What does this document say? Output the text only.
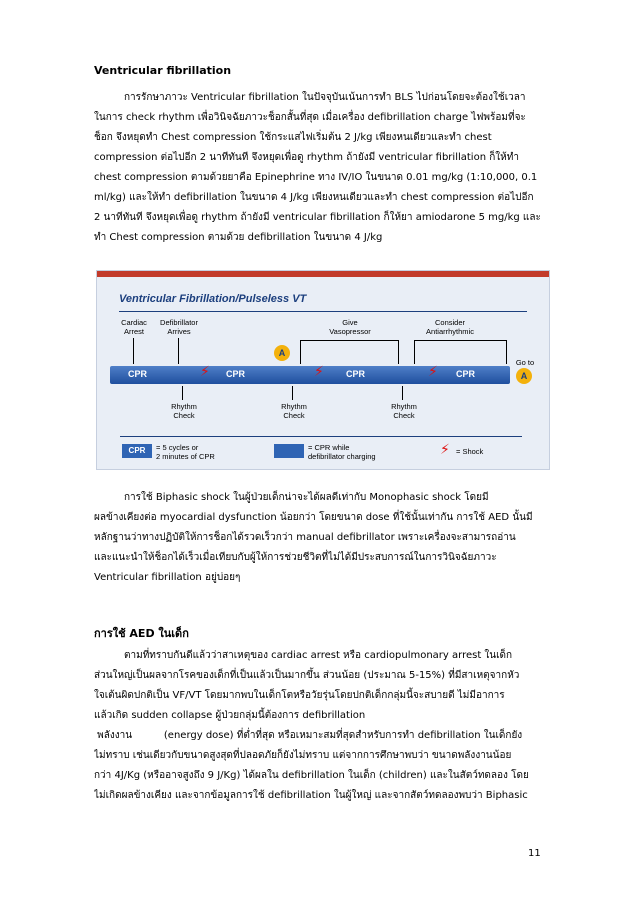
Ventricular fibrillation
การรักษาภาวะ Ventricular fibrillation ในปัจจุบันเน้นการทำ BLS ไปก่อนโดยจะต้องใช้เวลา
ในการ check rhythm เพื่อวินิจฉัยภาวะช็อกสั้นที่สุด เมื่อเครื่อง defibrillation charge ไฟพร้อมที่จะ
ช็อก จึงหยุดทำ Chest compression ใช้กระแสไฟเริ่มต้น 2 J/kg เพียงหนเดียวและทำ chest
compression ต่อไปอีก 2 นาทีทันที จึงหยุดเพื่อดู rhythm ถ้ายังมี ventricular fibrillation ก็ให้ทำ
chest compression ตามด้วยยาคือ Epinephrine ทาง IV/IO ในขนาด 0.01 mg/kg (1:10,000, 0.1
ml/kg) และให้ทำ defibrillation ในขนาด 4 J/kg เพียงหนเดียวและทำ chest compression ต่อไปอีก
2 นาทีทันที จึงหยุดเพื่อดู rhythm ถ้ายังมี ventricular fibrillation ก็ให้ยา amiodarone 5 mg/kg และ
ทำ Chest compression ตามด้วย defibrillation ในขนาด 4 J/kg
Ventricular Fibrillation/Pulseless VT
Cardiac
Arrest
Defibrillator
Arrives
Give
Vasopressor
Consider
Antiarrhythmic
Go to
CPR	CPR	CPR	CPR
⚡	⚡	⚡
A
A
Rhythm
Check
Rhythm
Check
Rhythm
Check
CPR	= 5 cycles or
2 minutes of CPR
= CPR while
defibrillator charging	⚡ = Shock
การใช้ Biphasic shock ในผู้ป่วยเด็กน่าจะได้ผลดีเท่ากับ Monophasic shock โดยมี
ผลข้างเคียงต่อ myocardial dysfunction น้อยกว่า โดยขนาด dose ที่ใช้นั้นเท่ากัน การใช้ AED นั้นมี
หลักฐานว่าทางปฏิบัติให้การช็อกได้รวดเร็วกว่า manual defibrillator เพราะเครื่องจะสามารถอ่าน
และแนะนำให้ช็อกได้เร็วเมื่อเทียบกับผู้ให้การช่วยชีวิตที่ไม่ได้มีประสบการณ์ในการวินิจฉัยภาวะ
Ventricular fibrillation อยู่บ่อยๆ
การใช้ AED ในเด็ก
ตามที่ทราบกันดีแล้วว่าสาเหตุของ cardiac arrest หรือ cardiopulmonary arrest ในเด็ก
ส่วนใหญ่เป็นผลจากโรคของเด็กที่เป็นแล้วเป็นมากขึ้น ส่วนน้อย (ประมาณ 5-15%) ที่มีสาเหตุจากหัว
ใจเต้นผิดปกติเป็น VF/VT โดยมากพบในเด็กโตหรือวัยรุ่นโดยปกติเด็กกลุ่มนี้จะสบายดี ไม่มีอาการ
แล้วเกิด sudden collapse ผู้ป่วยกลุ่มนี้ต้องการ defibrillation
พลังงาน          (energy dose) ที่ต่ำที่สุด หรือเหมาะสมที่สุดสำหรับการทำ defibrillation ในเด็กยัง
ไม่ทราบ เช่นเดียวกับขนาดสูงสุดที่ปลอดภัยก็ยังไม่ทราบ แต่จากการศึกษาพบว่า ขนาดพลังงานน้อย
กว่า 4J/Kg (หรืออาจสูงถึง 9 J/Kg) ได้ผลใน defibrillation ในเด็ก (children) และในสัตว์ทดลอง โดย
ไม่เกิดผลข้างเคียง และจากข้อมูลการใช้ defibrillation ในผู้ใหญ่ และจากสัตว์ทดลองพบว่า Biphasic
11
